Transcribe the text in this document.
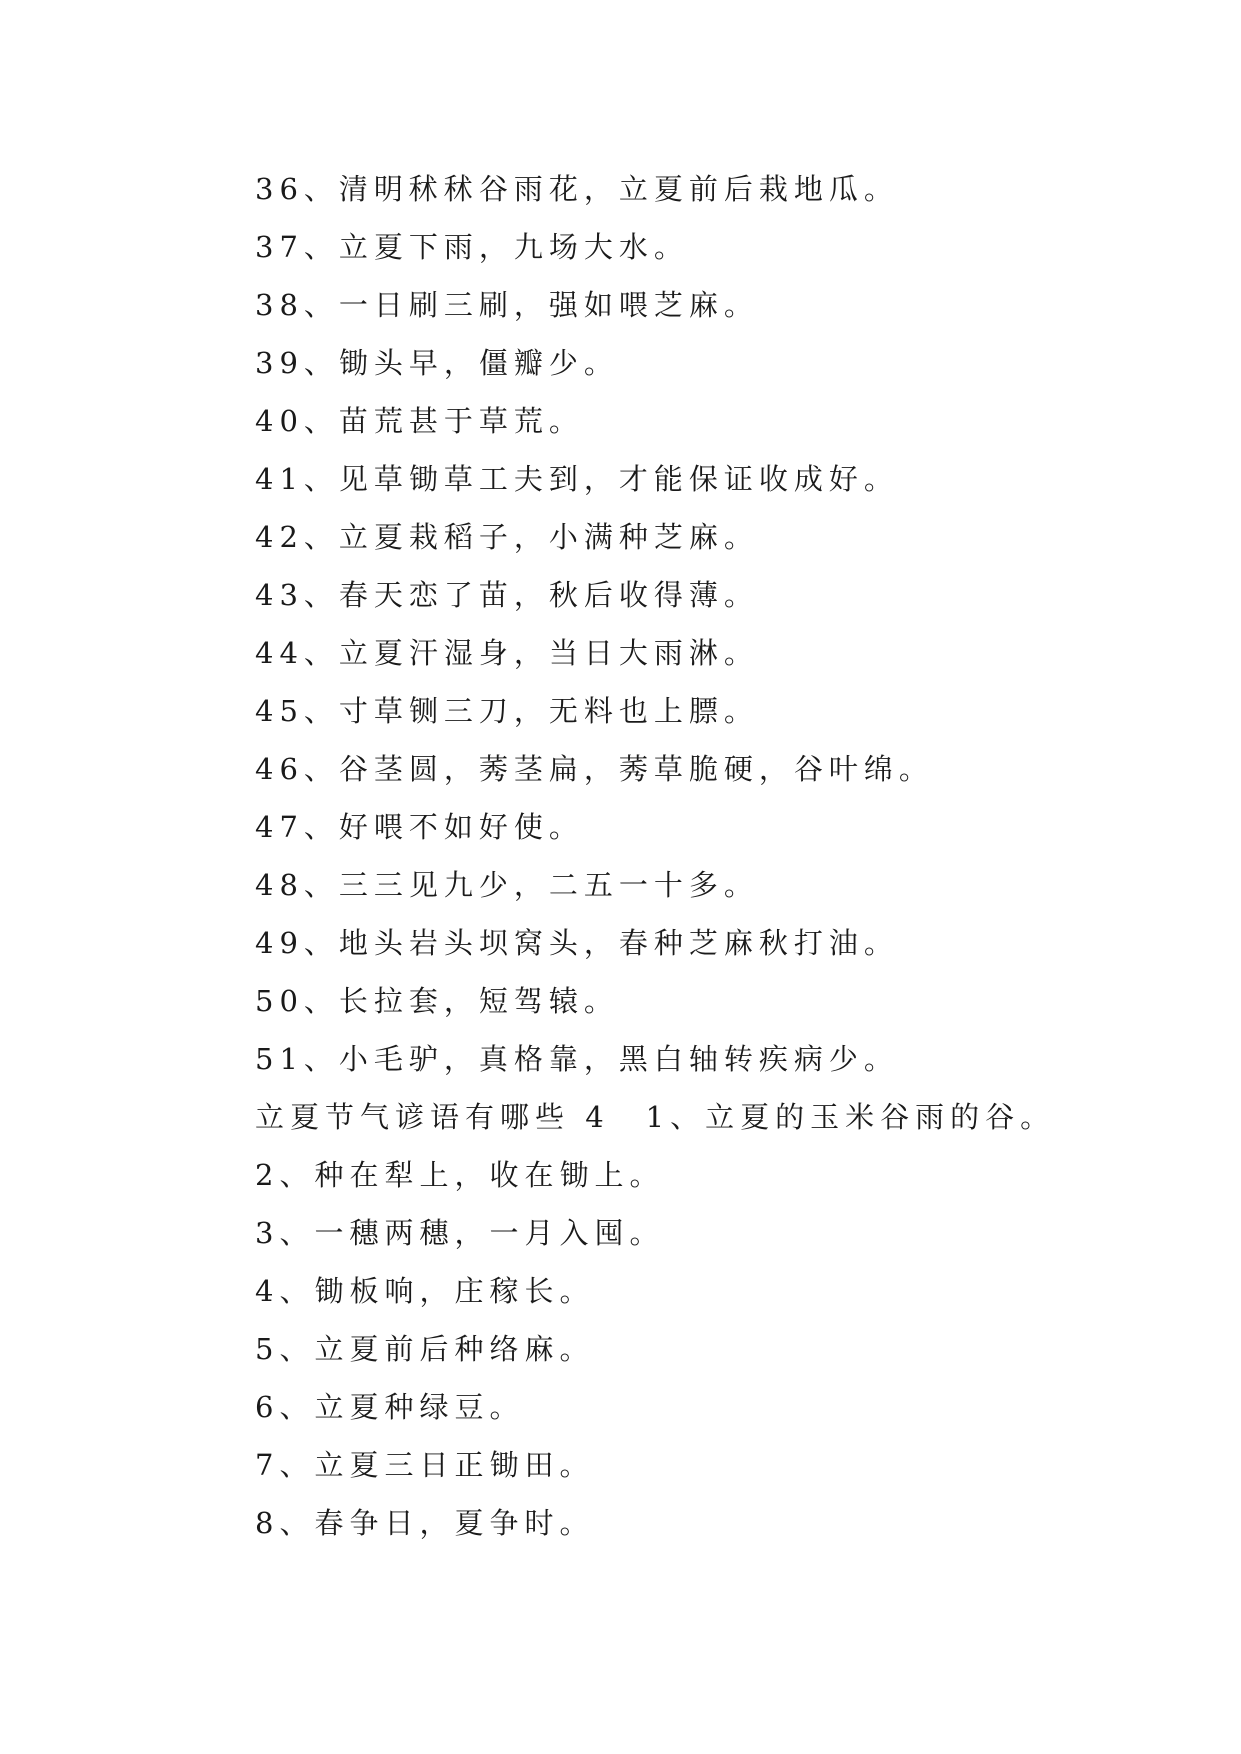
36、清明秫秫谷雨花，立夏前后栽地瓜。
37、立夏下雨，九场大水。
38、一日刷三刷，强如喂芝麻。
39、锄头早，僵瓣少。
40、苗荒甚于草荒。
41、见草锄草工夫到，才能保证收成好。
42、立夏栽稻子，小满种芝麻。
43、春天恋了苗，秋后收得薄。
44、立夏汗湿身，当日大雨淋。
45、寸草铡三刀，无料也上膘。
46、谷茎圆，莠茎扁，莠草脆硬，谷叶绵。
47、好喂不如好使。
48、三三见九少，二五一十多。
49、地头岩头坝窝头，春种芝麻秋打油。
50、长拉套，短驾辕。
51、小毛驴，真格靠，黑白轴转疾病少。
立夏节气谚语有哪些 4 1、立夏的玉米谷雨的谷。
2、种在犁上，收在锄上。
3、一穗两穗，一月入囤。
4、锄板响，庄稼长。
5、立夏前后种络麻。
6、立夏种绿豆。
7、立夏三日正锄田。
8、春争日，夏争时。
